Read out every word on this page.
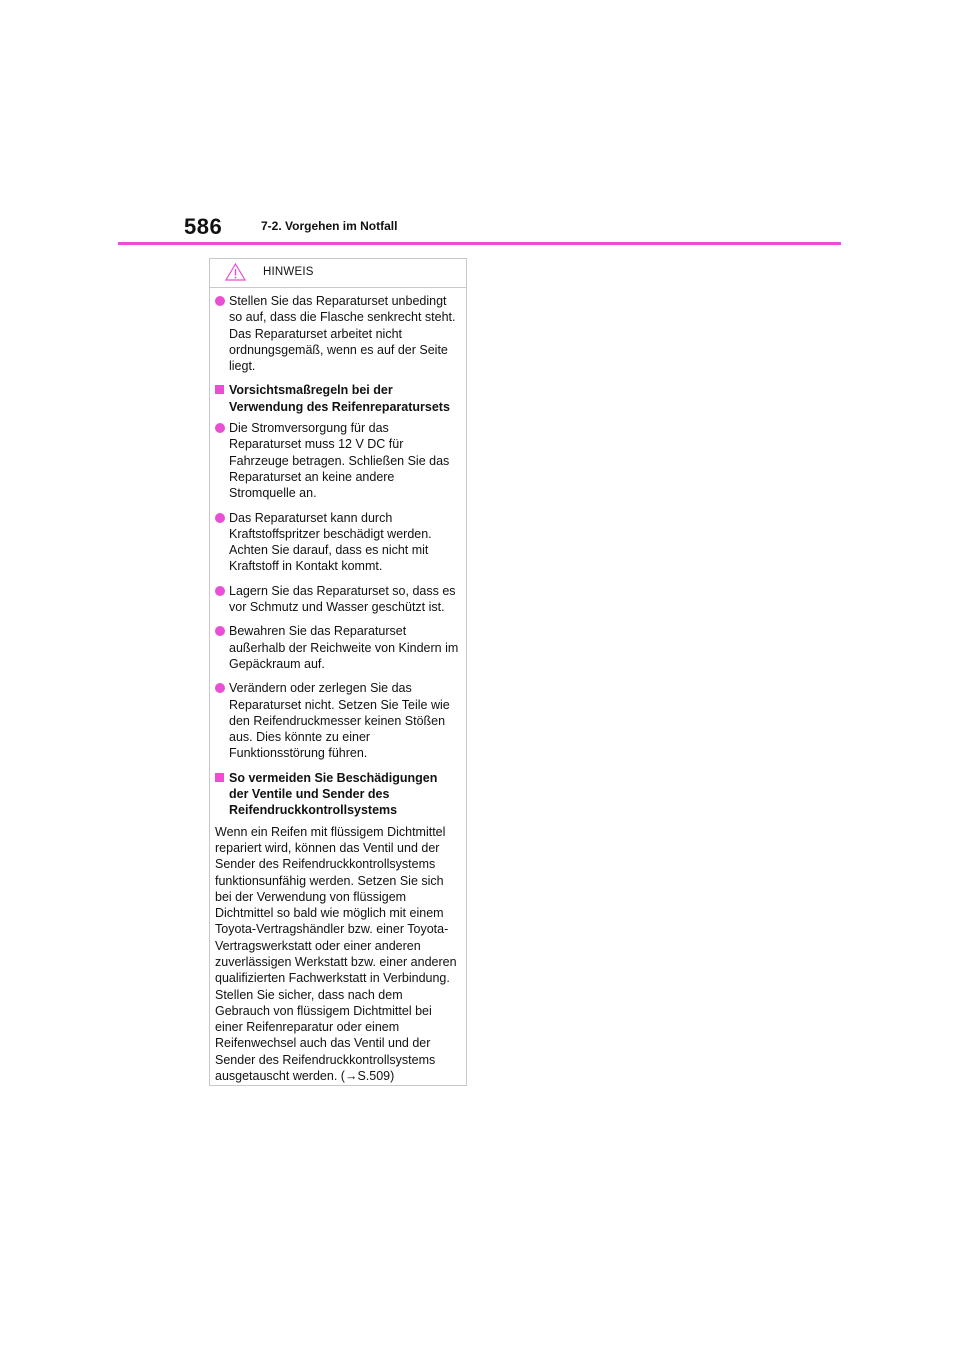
586	7-2. Vorgehen im Notfall
HINWEIS
Stellen Sie das Reparaturset unbedingt so auf, dass die Flasche senkrecht steht. Das Reparaturset arbeitet nicht ordnungsgemäß, wenn es auf der Seite liegt.
Vorsichtsmaßregeln bei der Verwendung des Reifenreparatursets
Die Stromversorgung für das Reparaturset muss 12 V DC für Fahrzeuge betragen. Schließen Sie das Reparaturset an keine andere Stromquelle an.
Das Reparaturset kann durch Kraftstoffspritzer beschädigt werden. Achten Sie darauf, dass es nicht mit Kraftstoff in Kontakt kommt.
Lagern Sie das Reparaturset so, dass es vor Schmutz und Wasser geschützt ist.
Bewahren Sie das Reparaturset außerhalb der Reichweite von Kindern im Gepäckraum auf.
Verändern oder zerlegen Sie das Reparaturset nicht. Setzen Sie Teile wie den Reifendruckmesser keinen Stößen aus. Dies könnte zu einer Funktionsstörung führen.
So vermeiden Sie Beschädigungen der Ventile und Sender des Reifendruckkontrollsystems
Wenn ein Reifen mit flüssigem Dichtmittel repariert wird, können das Ventil und der Sender des Reifendruckkontrollsystems funktionsunfähig werden. Setzen Sie sich bei der Verwendung von flüssigem Dichtmittel so bald wie möglich mit einem Toyota-Vertragshändler bzw. einer Toyota-Vertragswerkstatt oder einer anderen zuverlässigen Werkstatt bzw. einer anderen qualifizierten Fachwerkstatt in Verbindung. Stellen Sie sicher, dass nach dem Gebrauch von flüssigem Dichtmittel bei einer Reifenreparatur oder einem Reifenwechsel auch das Ventil und der Sender des Reifendruckkontrollsystems ausgetauscht werden. (→S.509)
